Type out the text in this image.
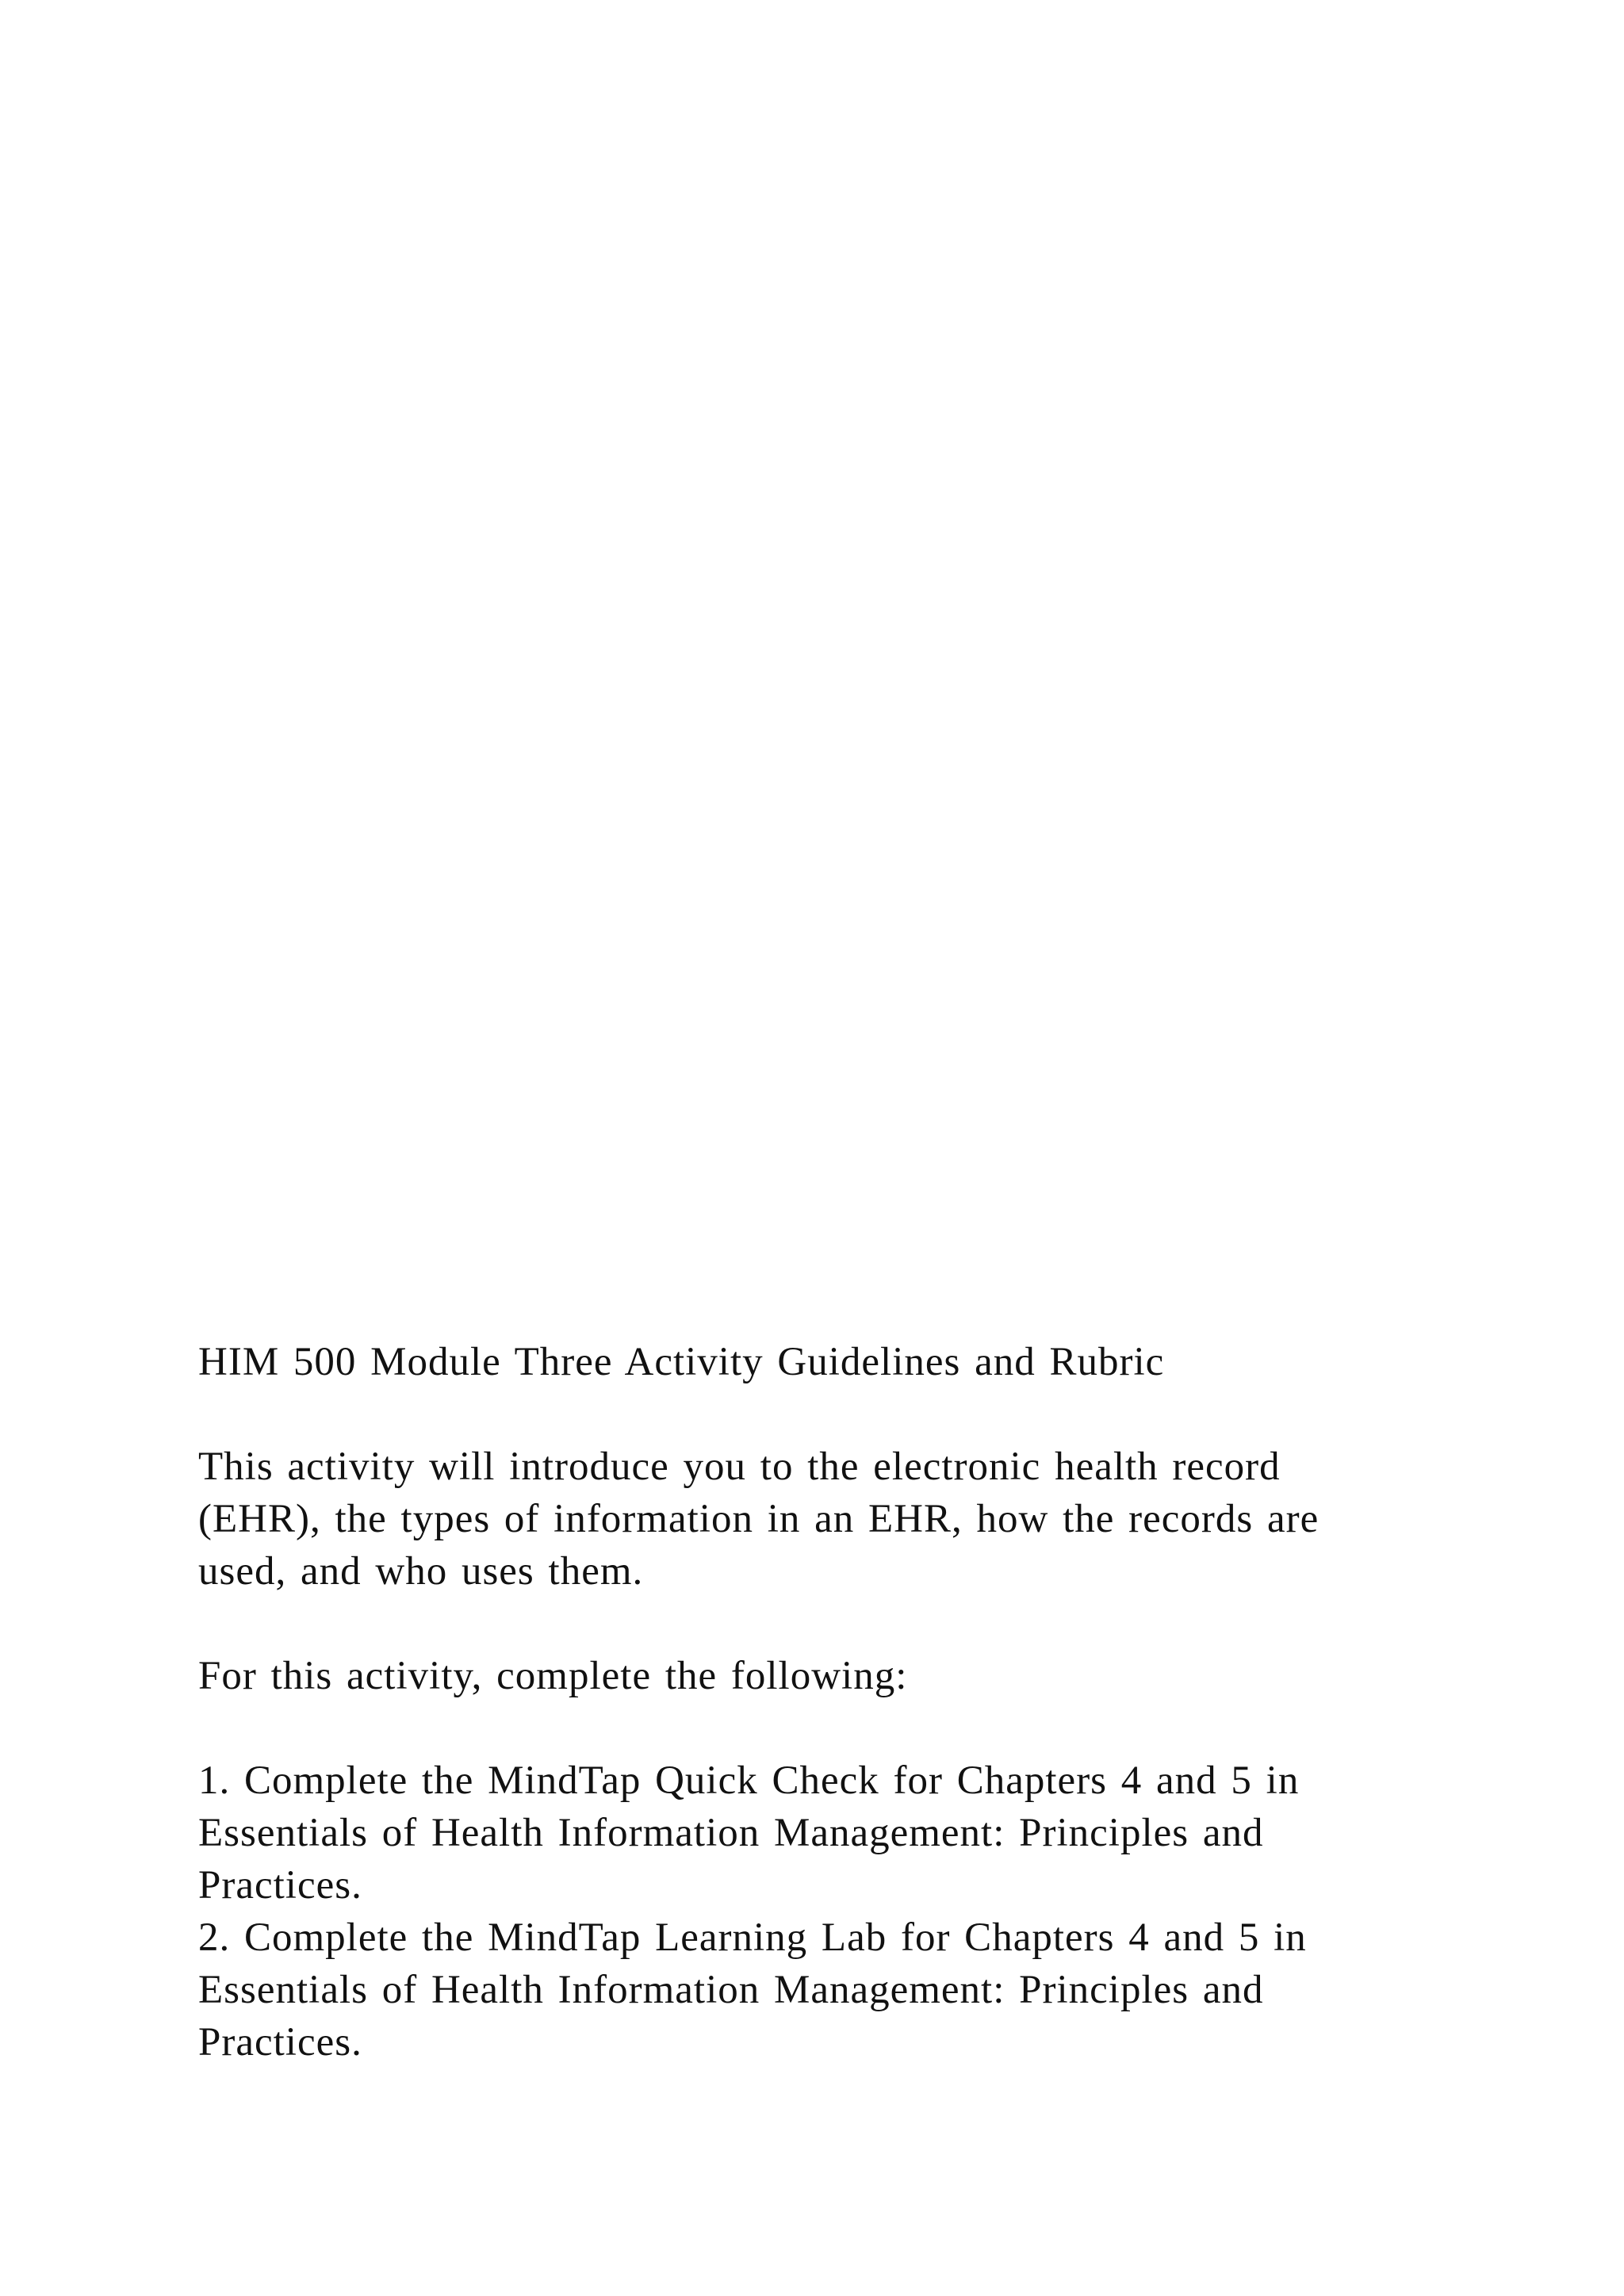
HIM 500 Module Three Activity Guidelines and Rubric

This activity will introduce you to the electronic health record
(EHR), the types of information in an EHR, how the records are
used, and who uses them.

For this activity, complete the following:

1. Complete the MindTap Quick Check for Chapters 4 and 5 in
Essentials of Health Information Management: Principles and
Practices.

2. Complete the MindTap Learning Lab for Chapters 4 and 5 in
Essentials of Health Information Management: Principles and
Practices.
